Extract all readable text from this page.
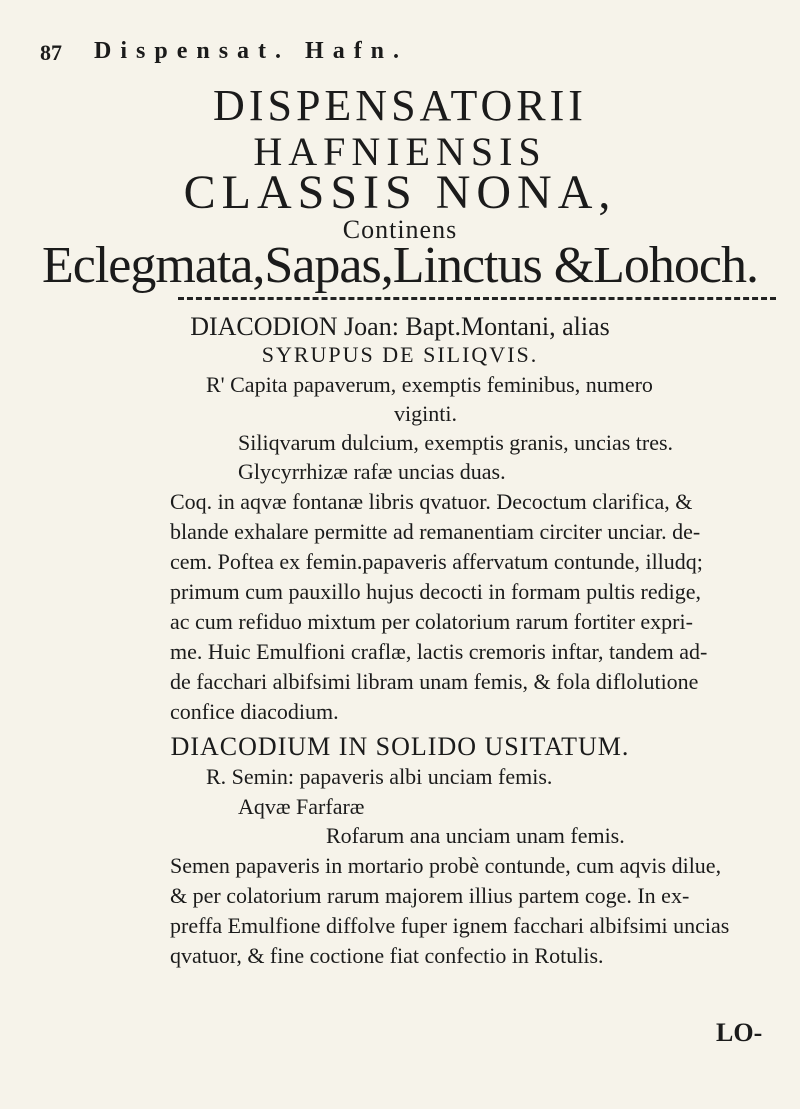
87 Dispensat. Hafn.
DISPENSATORII
HAFNIENSIS
CLASSIS NONA,
Continens
Eclegmata,Sapas,Linctus &Lohoch.
DIACODION Joan: Bapt.Montani, alias
SYRUPUS DE SILIQVIS.
R' Capita papaverum, exemptis feminibus, numero
viginti.
Siliqvarum dulcium, exemptis granis, uncias tres.
Glycyrrhizæ rafæ uncias duas.
Coq. in aqvæ fontanæ libris qvatuor. Decoctum clarifica, &
blande exhalare permitte ad remanentiam circiter unciar. de-
cem. Poftea ex femin.papaveris affervatum contunde, illudq;
primum cum pauxillo hujus decocti in formam pultis redige,
ac cum refiduo mixtum per colatorium rarum fortiter expri-
me. Huic Emulfioni craflæ, lactis cremoris inftar, tandem ad-
de facchari albifsimi libram unam femis, & fola diflolutione
confice diacodium.
DIACODIUM IN SOLIDO USITATUM.
R. Semin: papaveris albi unciam femis.
Aqvæ Farfaræ
Rofarum ana unciam unam femis.
Semen papaveris in mortario probè contunde, cum aqvis dilue,
& per colatorium rarum majorem illius partem coge. In ex-
preffa Emulfione diffolve fuper ignem facchari albifsimi uncias
qvatuor, & fine coctione fiat confectio in Rotulis.
LO-
